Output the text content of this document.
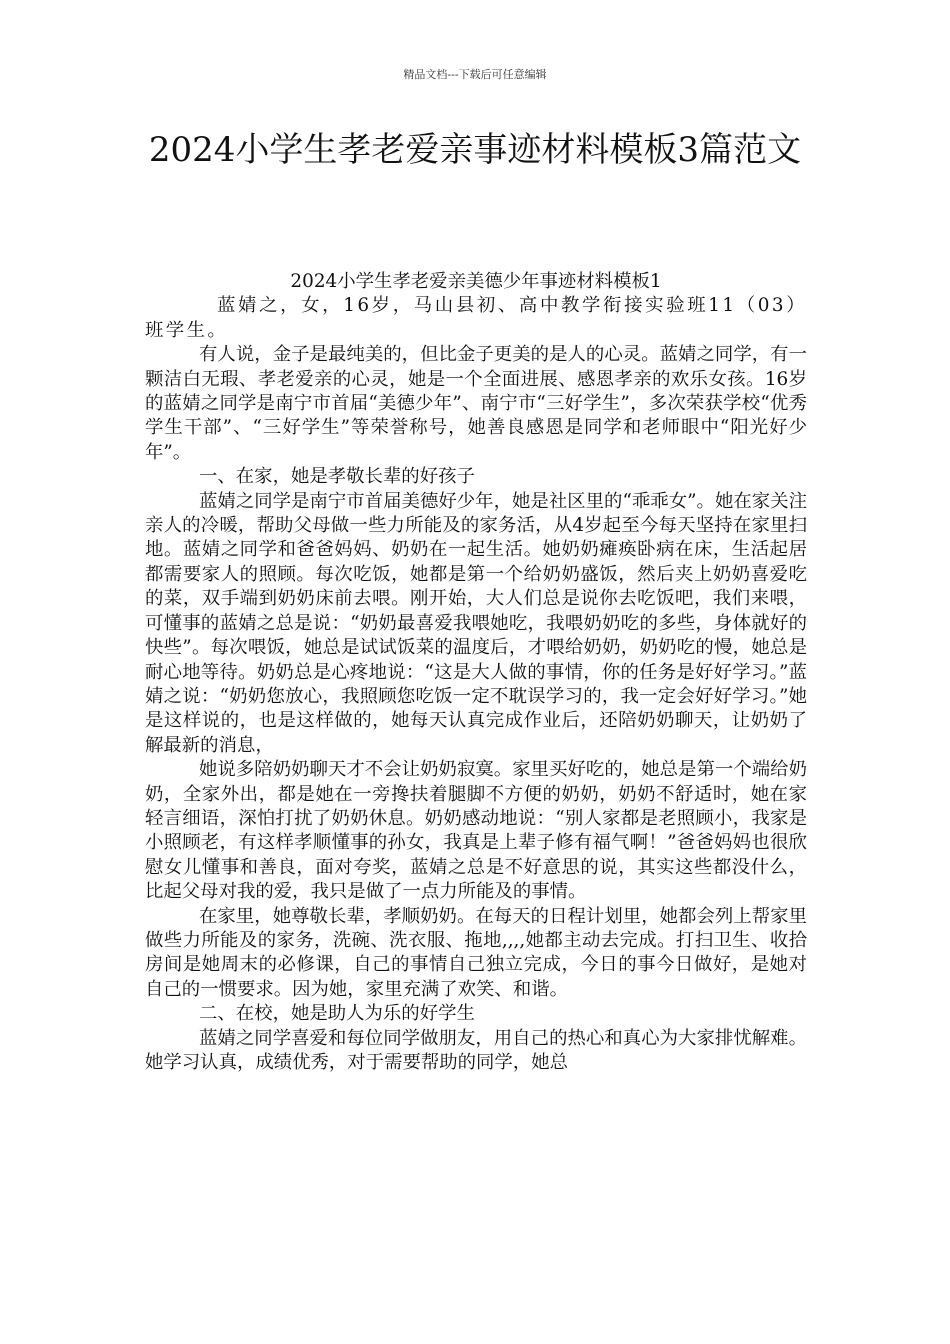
精品文档---下载后可任意编辑
2024小学生孝老爱亲事迹材料模板3篇范文

2024小学生孝老爱亲美德少年事迹材料模板1

蓝婧之，女，16岁，马山县初、高中教学衔接实验班11（03）班学生。

有人说，金子是最纯美的，但比金子更美的是人的心灵。蓝婧之同学，有一颗洁白无瑕、孝老爱亲的心灵，她是一个全面进展、感恩孝亲的欢乐女孩。16岁的蓝婧之同学是南宁市首届“美德少年”、南宁市“三好学生”，多次荣获学校“优秀学生干部”、“三好学生”等荣誉称号，她善良感恩是同学和老师眼中“阳光好少年”。

一、在家，她是孝敬长辈的好孩子

蓝婧之同学是南宁市首届美德好少年，她是社区里的“乖乖女”。她在家关注亲人的冷暖，帮助父母做一些力所能及的家务活，从4岁起至今每天坚持在家里扫地。蓝婧之同学和爸爸妈妈、奶奶在一起生活。她奶奶瘫痪卧病在床，生活起居都需要家人的照顾。每次吃饭，她都是第一个给奶奶盛饭，然后夹上奶奶喜爱吃的菜，双手端到奶奶床前去喂。刚开始，大人们总是说你去吃饭吧，我们来喂，可懂事的蓝婧之总是说：“奶奶最喜爱我喂她吃，我喂奶奶吃的多些，身体就好的快些”。每次喂饭，她总是试试饭菜的温度后，才喂给奶奶，奶奶吃的慢，她总是耐心地等待。奶奶总是心疼地说：“这是大人做的事情，你的任务是好好学习。”蓝婧之说：“奶奶您放心，我照顾您吃饭一定不耽误学习的，我一定会好好学习。”她是这样说的，也是这样做的，她每天认真完成作业后，还陪奶奶聊天，让奶奶了解最新的消息，

她说多陪奶奶聊天才不会让奶奶寂寞。家里买好吃的，她总是第一个端给奶奶，全家外出，都是她在一旁搀扶着腿脚不方便的奶奶，奶奶不舒适时，她在家轻言细语，深怕打扰了奶奶休息。奶奶感动地说：“别人家都是老照顾小，我家是小照顾老，有这样孝顺懂事的孙女，我真是上辈子修有福气啊！”爸爸妈妈也很欣慰女儿懂事和善良，面对夸奖，蓝婧之总是不好意思的说，其实这些都没什么，比起父母对我的爱，我只是做了一点力所能及的事情。

在家里，她尊敬长辈，孝顺奶奶。在每天的日程计划里，她都会列上帮家里做些力所能及的家务，洗碗、洗衣服、拖地,,,,她都主动去完成。打扫卫生、收拾房间是她周末的必修课，自己的事情自己独立完成，今日的事今日做好，是她对自己的一惯要求。因为她，家里充满了欢笑、和谐。

二、在校，她是助人为乐的好学生

蓝婧之同学喜爱和每位同学做朋友，用自己的热心和真心为大家排忧解难。她学习认真，成绩优秀，对于需要帮助的同学，她总
